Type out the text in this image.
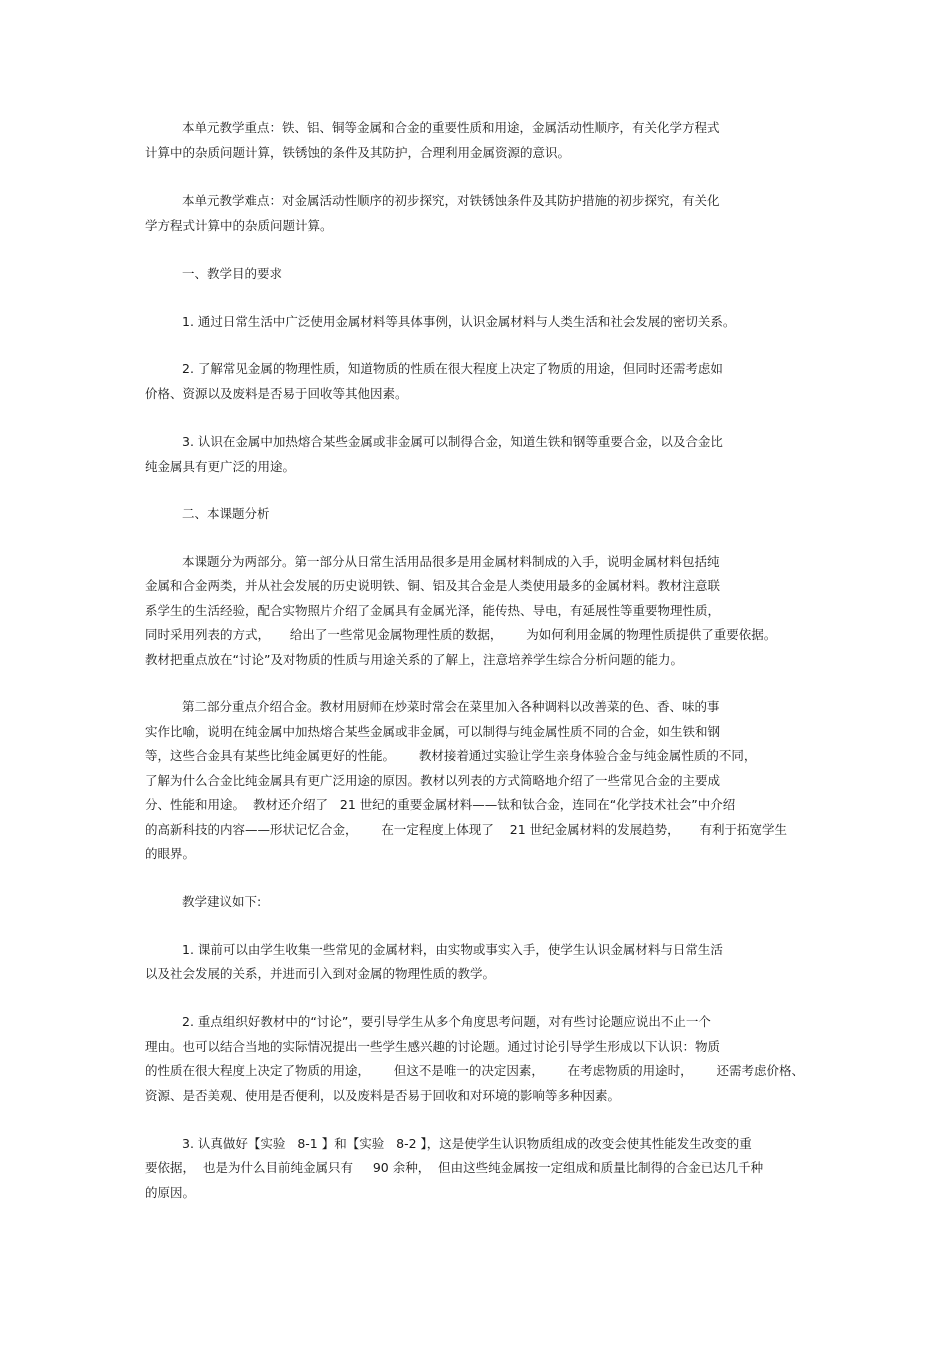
本单元教学重点：铁、铝、铜等金属和合金的重要性质和用途，金属活动性顺序，有关化学方程式

计算中的杂质问题计算，铁锈蚀的条件及其防护，合理利用金属资源的意识。

本单元教学难点：对金属活动性顺序的初步探究，对铁锈蚀条件及其防护措施的初步探究，有关化

学方程式计算中的杂质问题计算。

一、教学目的要求

1. 通过日常生活中广泛使用金属材料等具体事例，认识金属材料与人类生活和社会发展的密切关系。

2. 了解常见金属的物理性质，知道物质的性质在很大程度上决定了物质的用途，但同时还需考虑如

价格、资源以及废料是否易于回收等其他因素。

3. 认识在金属中加热熔合某些金属或非金属可以制得合金，知道生铁和钢等重要合金，以及合金比

纯金属具有更广泛的用途。

二、本课题分析

本课题分为两部分。第一部分从日常生活用品很多是用金属材料制成的入手，说明金属材料包括纯

金属和合金两类，并从社会发展的历史说明铁、铜、铝及其合金是人类使用最多的金属材料。教材注意联

系学生的生活经验，配合实物照片介绍了金属具有金属光泽，能传热、导电，有延展性等重要物理性质，

同时采用列表的方式，     给出了一些常见金属物理性质的数据，      为如何利用金属的物理性质提供了重要依据。

教材把重点放在“讨论”及对物质的性质与用途关系的了解上，注意培养学生综合分析问题的能力。

第二部分重点介绍合金。教材用厨师在炒菜时常会在菜里加入各种调料以改善菜的色、香、味的事

实作比喻，说明在纯金属中加热熔合某些金属或非金属，可以制得与纯金属性质不同的合金，如生铁和钢

等，这些合金具有某些比纯金属更好的性能。      教材接着通过实验让学生亲身体验合金与纯金属性质的不同，

了解为什么合金比纯金属具有更广泛用途的原因。教材以列表的方式简略地介绍了一些常见合金的主要成

分、性能和用途。  教材还介绍了   21 世纪的重要金属材料——钛和钛合金，连同在“化学技术社会”中介绍

的高新科技的内容——形状记忆合金，      在一定程度上体现了    21 世纪金属材料的发展趋势，     有利于拓宽学生

的眼界。

教学建议如下:

1. 课前可以由学生收集一些常见的金属材料，由实物或事实入手，使学生认识金属材料与日常生活

以及社会发展的关系，并进而引入到对金属的物理性质的教学。

2. 重点组织好教材中的“讨论”，要引导学生从多个角度思考问题，对有些讨论题应说出不止一个

理由。也可以结合当地的实际情况提出一些学生感兴趣的讨论题。通过讨论引导学生形成以下认识：物质

的性质在很大程度上决定了物质的用途，      但这不是唯一的决定因素，      在考虑物质的用途时，      还需考虑价格、

资源、是否美观、使用是否便利，以及废料是否易于回收和对环境的影响等多种因素。

3. 认真做好【实验   8-1 】和【实验   8-2 】，这是使学生认识物质组成的改变会使其性能发生改变的重

要依据，  也是为什么目前纯金属只有     90 余种，  但由这些纯金属按一定组成和质量比制得的合金已达几千种

的原因。
